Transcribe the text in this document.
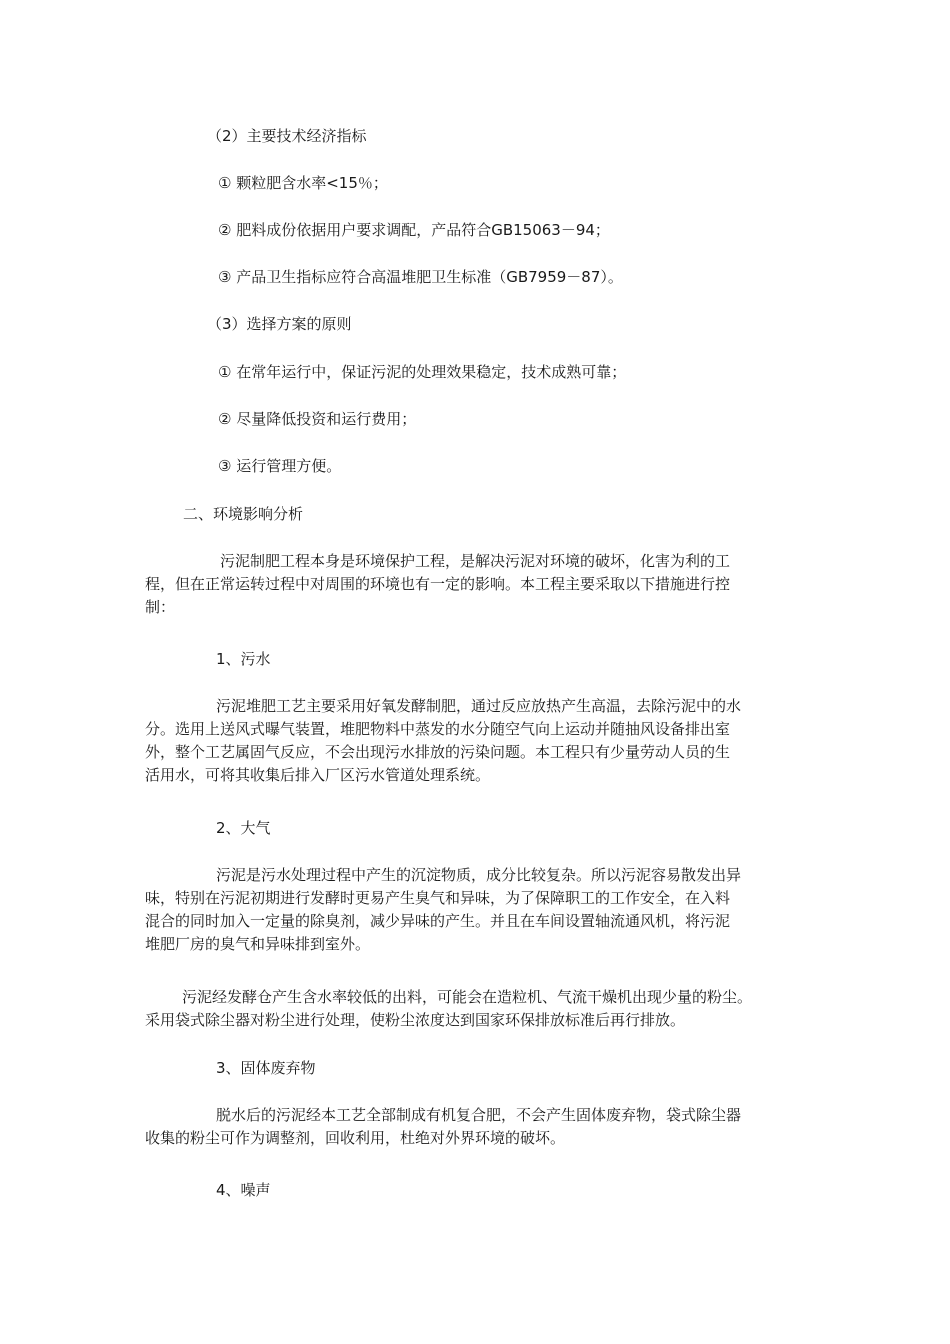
（2）主要技术经济指标
① 颗粒肥含水率<15％；
② 肥料成份依据用户要求调配，产品符合GB15063－94；
③ 产品卫生指标应符合高温堆肥卫生标准（GB7959－87）。
（3）选择方案的原则
① 在常年运行中，保证污泥的处理效果稳定，技术成熟可靠；
② 尽量降低投资和运行费用；
③ 运行管理方便。
二、环境影响分析
污泥制肥工程本身是环境保护工程，是解决污泥对环境的破坏，化害为利的工
程，但在正常运转过程中对周围的环境也有一定的影响。本工程主要采取以下措施进行控
制：
1、污水
污泥堆肥工艺主要采用好氧发酵制肥，通过反应放热产生高温，去除污泥中的水
分。选用上送风式曝气装置，堆肥物料中蒸发的水分随空气向上运动并随抽风设备排出室
外，整个工艺属固气反应，不会出现污水排放的污染问题。本工程只有少量劳动人员的生
活用水，可将其收集后排入厂区污水管道处理系统。
2、大气
污泥是污水处理过程中产生的沉淀物质，成分比较复杂。所以污泥容易散发出异
味，特别在污泥初期进行发酵时更易产生臭气和异味，为了保障职工的工作安全，在入料
混合的同时加入一定量的除臭剂，减少异味的产生。并且在车间设置轴流通风机，将污泥
堆肥厂房的臭气和异味排到室外。
污泥经发酵仓产生含水率较低的出料，可能会在造粒机、气流干燥机出现少量的粉尘。
采用袋式除尘器对粉尘进行处理，使粉尘浓度达到国家环保排放标准后再行排放。
3、固体废弃物
脱水后的污泥经本工艺全部制成有机复合肥，不会产生固体废弃物，袋式除尘器
收集的粉尘可作为调整剂，回收利用，杜绝对外界环境的破坏。
4、噪声
